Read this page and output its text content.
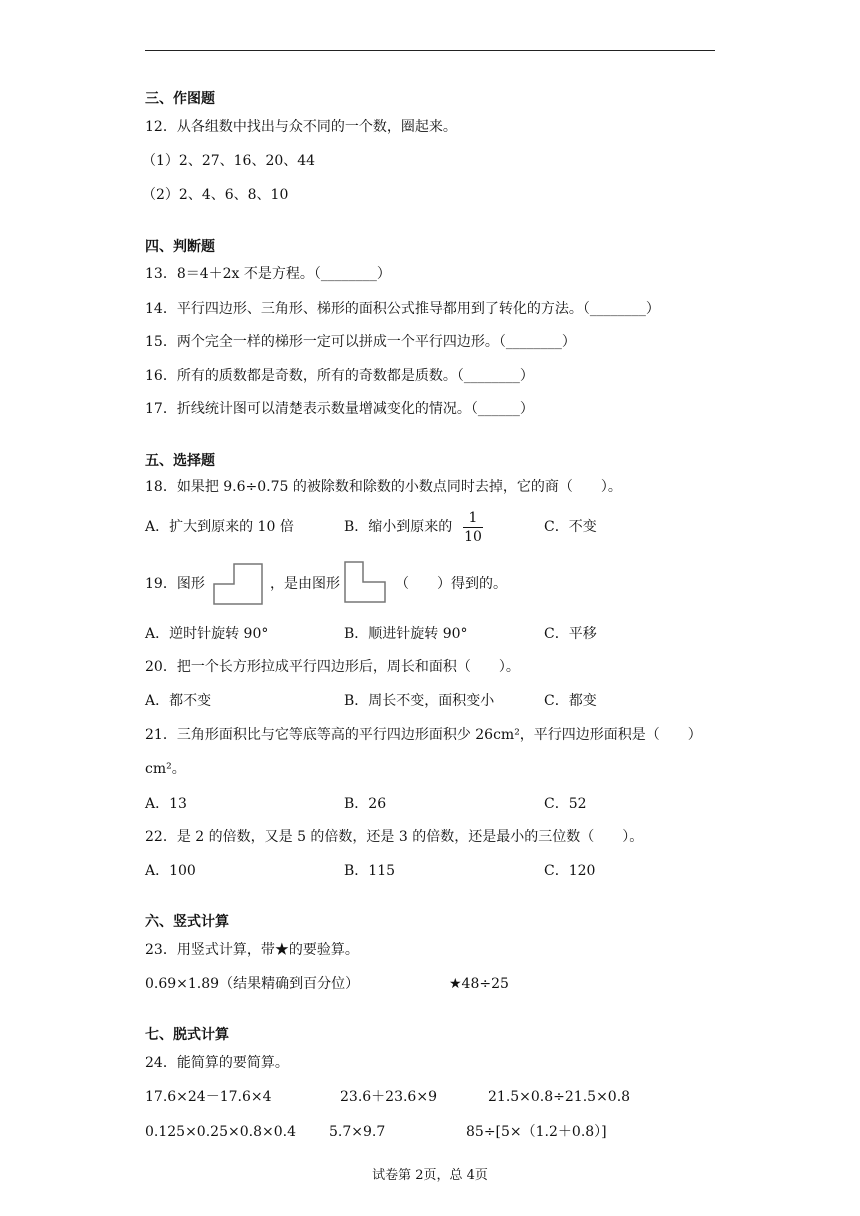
三、作图题
12．从各组数中找出与众不同的一个数，圈起来。
（1）2、27、16、20、44
（2）2、4、6、8、10
四、判断题
13．8＝4＋2x 不是方程。（________）
14．平行四边形、三角形、梯形的面积公式推导都用到了转化的方法。（________）
15．两个完全一样的梯形一定可以拼成一个平行四边形。（________）
16．所有的质数都是奇数，所有的奇数都是质数。（________）
17．折线统计图可以清楚表示数量增减变化的情况。（______）
五、选择题
18．如果把 9.6÷0.75 的被除数和除数的小数点同时去掉，它的商（　　）。
A．扩大到原来的 10 倍	B．缩小到原来的
1
10
C．不变
19．图形	，是由图形	（　　）得到的。
A．逆时针旋转 90°	B．顺进针旋转 90°	C．平移
20．把一个长方形拉成平行四边形后，周长和面积（　　）。
A．都不变	B．周长不变，面积变小	C．都变
21．三角形面积比与它等底等高的平行四边形面积少 26cm²，平行四边形面积是（　　）
cm²。
A．13	B．26	C．52
22．是 2 的倍数，又是 5 的倍数，还是 3 的倍数，还是最小的三位数（　　）。
A．100	B．115	C．120
六、竖式计算
23．用竖式计算，带★的要验算。
0.69×1.89（结果精确到百分位）	★48÷25
七、脱式计算
24．能简算的要简算。
17.6×24－17.6×4	23.6＋23.6×9	21.5×0.8÷21.5×0.8
0.125×0.25×0.8×0.4 5.7×9.7	85÷[5×（1.2＋0.8）]
试卷第 2页，总 4页
